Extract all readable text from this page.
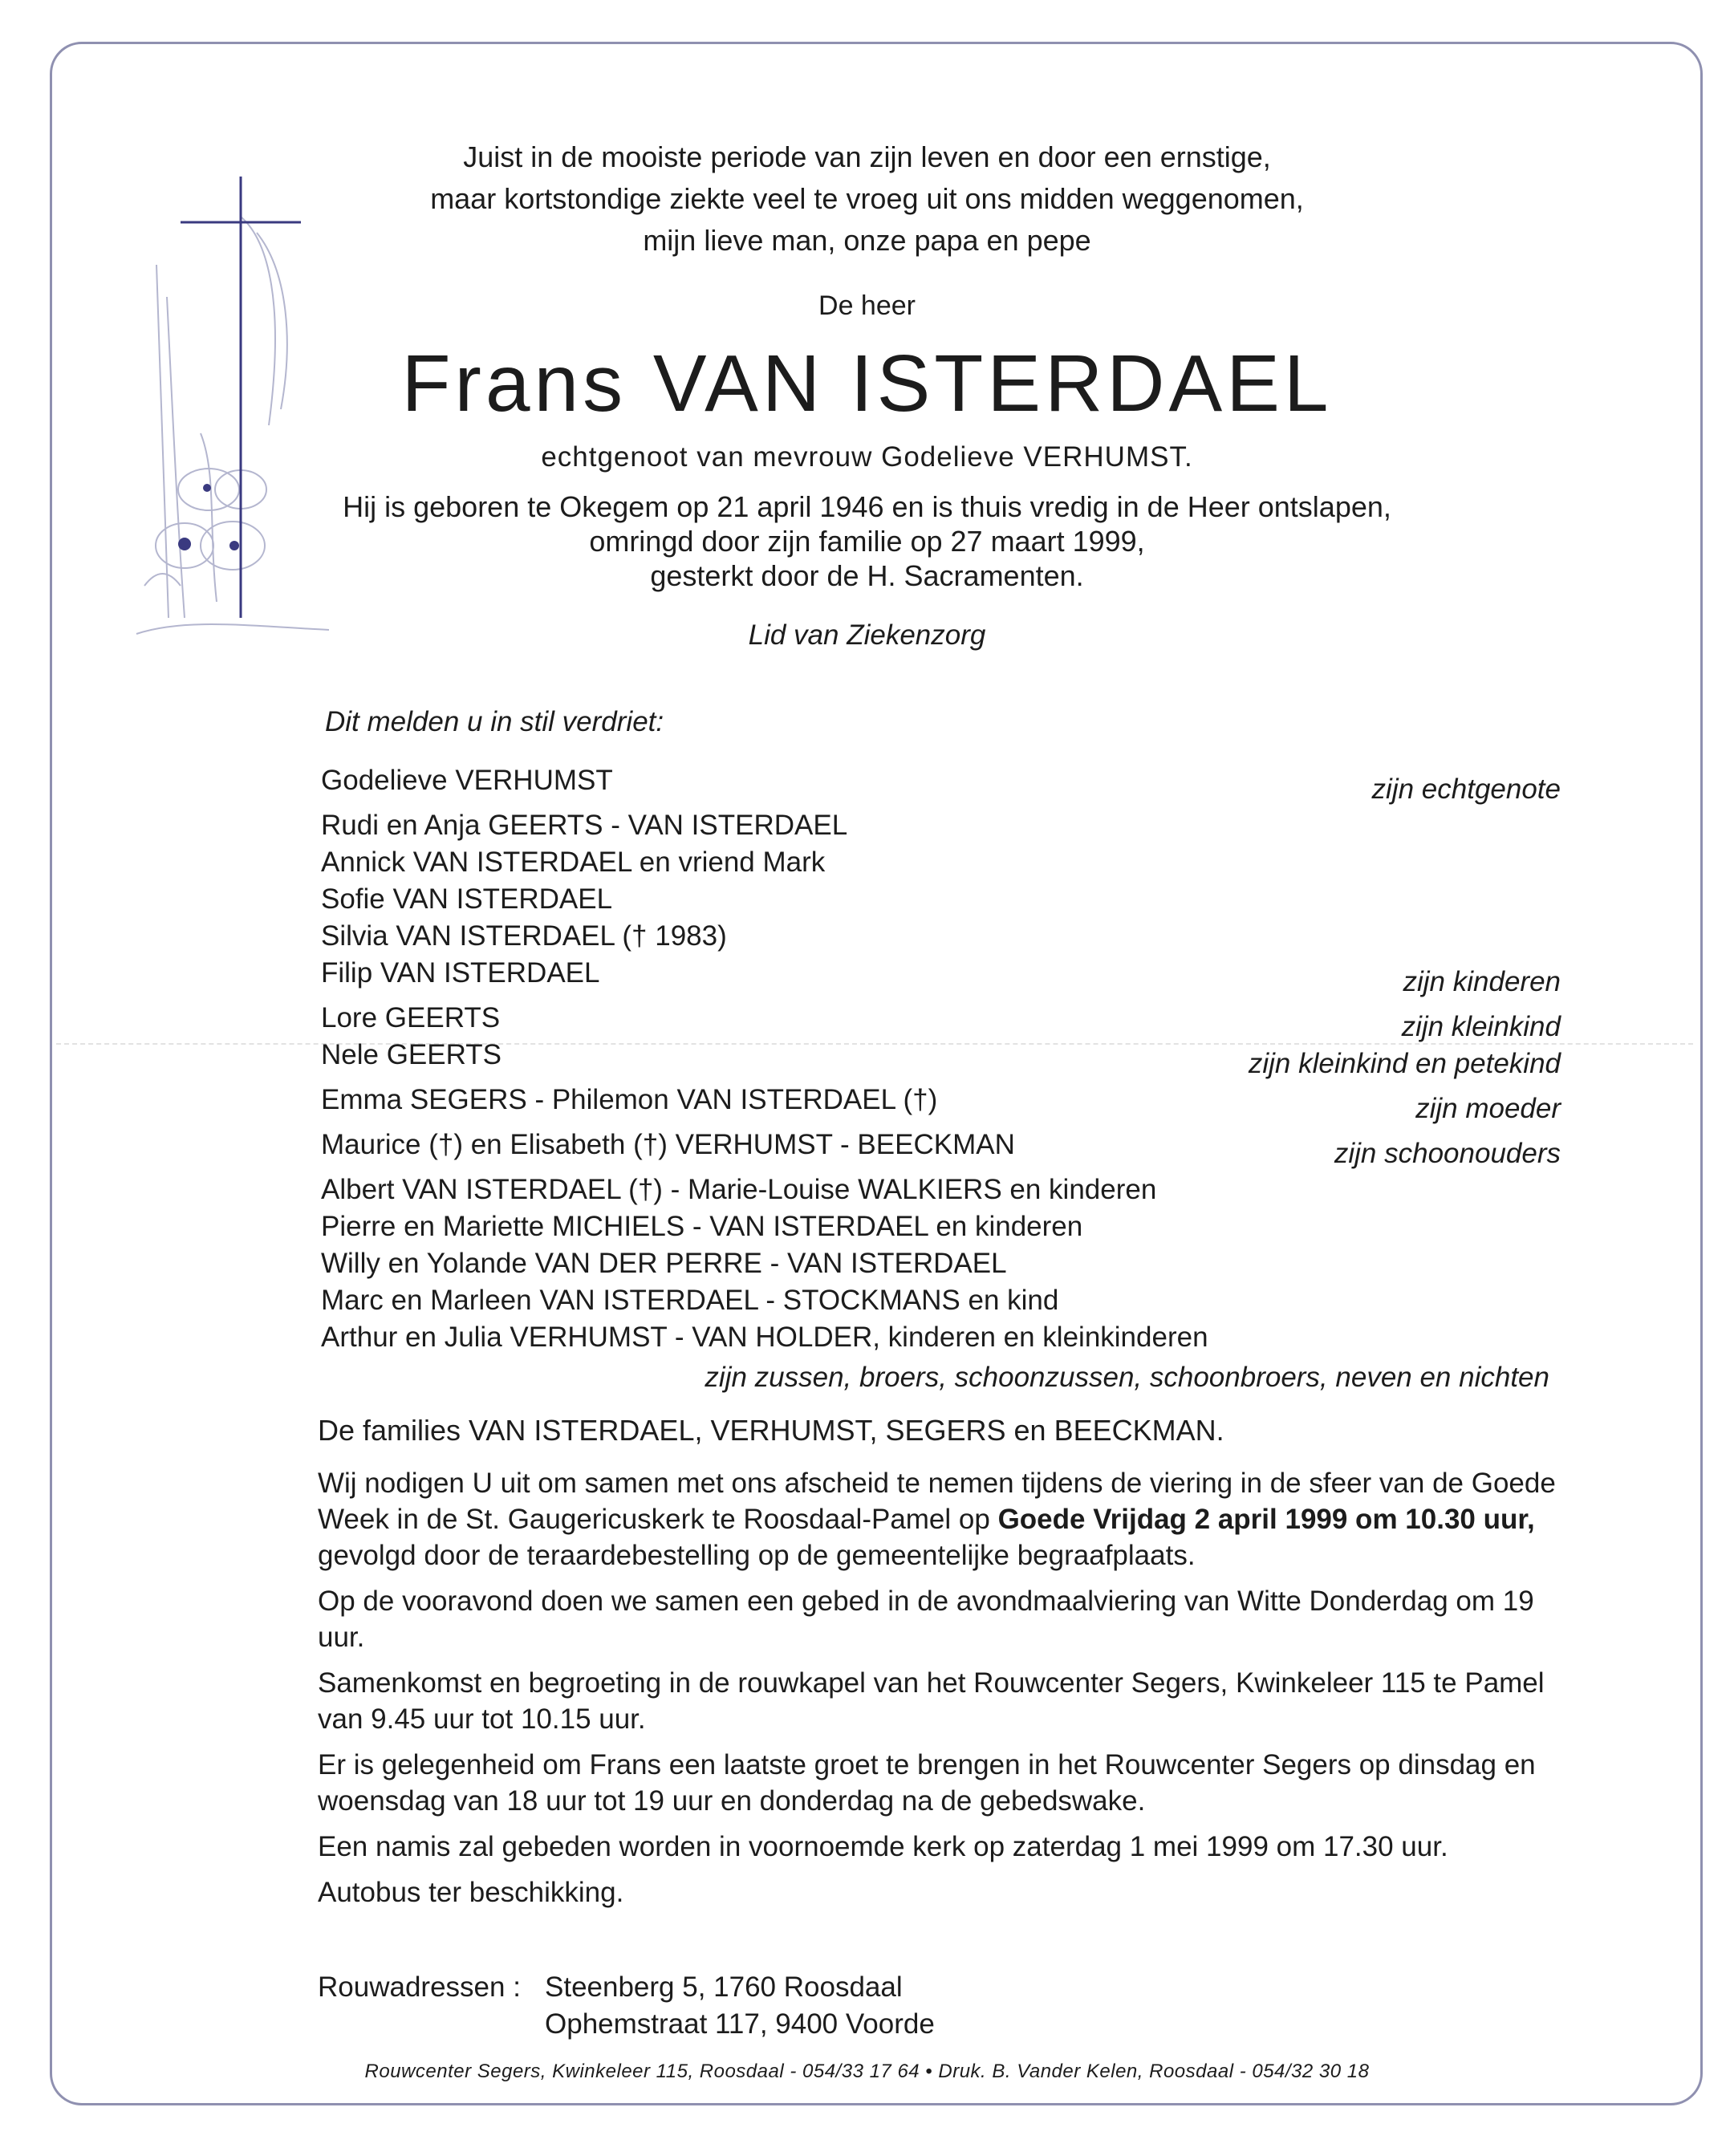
Juist in de mooiste periode van zijn leven en door een ernstige,
maar kortstondige ziekte veel te vroeg uit ons midden weggenomen,
mijn lieve man, onze papa en pepe

De heer

Frans VAN ISTERDAEL

echtgenoot van mevrouw Godelieve VERHUMST.

Hij is geboren te Okegem op 21 april 1946 en is thuis vredig in de Heer ontslapen,
omringd door zijn familie op 27 maart 1999,
gesterkt door de H. Sacramenten.

Lid van Ziekenzorg

Dit melden u in stil verdriet:

Godelieve VERHUMST	zijn echtgenote
Rudi en Anja GEERTS - VAN ISTERDAEL
Annick VAN ISTERDAEL en vriend Mark
Sofie VAN ISTERDAEL
Silvia VAN ISTERDAEL († 1983)
Filip VAN ISTERDAEL	zijn kinderen
Lore GEERTS	zijn kleinkind
Nele GEERTS	zijn kleinkind en petekind
Emma SEGERS - Philemon VAN ISTERDAEL (†)	zijn moeder
Maurice (†) en Elisabeth (†) VERHUMST - BEECKMAN	zijn schoonouders
Albert VAN ISTERDAEL (†) - Marie-Louise WALKIERS en kinderen
Pierre en Mariette MICHIELS - VAN ISTERDAEL en kinderen
Willy en Yolande VAN DER PERRE - VAN ISTERDAEL
Marc en Marleen VAN ISTERDAEL - STOCKMANS en kind
Arthur en Julia VERHUMST - VAN HOLDER, kinderen en kleinkinderen
zijn zussen, broers, schoonzussen, schoonbroers, neven en nichten

De families VAN ISTERDAEL, VERHUMST, SEGERS en BEECKMAN.

Wij nodigen U uit om samen met ons afscheid te nemen tijdens de viering in de sfeer van de Goede Week in de St. Gaugericuskerk te Roosdaal-Pamel op Goede Vrijdag 2 april 1999 om 10.30 uur, gevolgd door de teraardebestelling op de gemeentelijke begraafplaats.

Op de vooravond doen we samen een gebed in de avondmaalviering van Witte Donderdag om 19 uur.

Samenkomst en begroeting in de rouwkapel van het Rouwcenter Segers, Kwinkeleer 115 te Pamel van 9.45 uur tot 10.15 uur.

Er is gelegenheid om Frans een laatste groet te brengen in het Rouwcenter Segers op dinsdag en woensdag van 18 uur tot 19 uur en donderdag na de gebedswake.

Een namis zal gebeden worden in voornoemde kerk op zaterdag 1 mei 1999 om 17.30 uur.

Autobus ter beschikking.

Rouwadressen : Steenberg 5, 1760 Roosdaal
Ophemstraat 117, 9400 Voorde

Rouwcenter Segers, Kwinkeleer 115, Roosdaal - 054/33 17 64 • Druk. B. Vander Kelen, Roosdaal - 054/32 30 18
